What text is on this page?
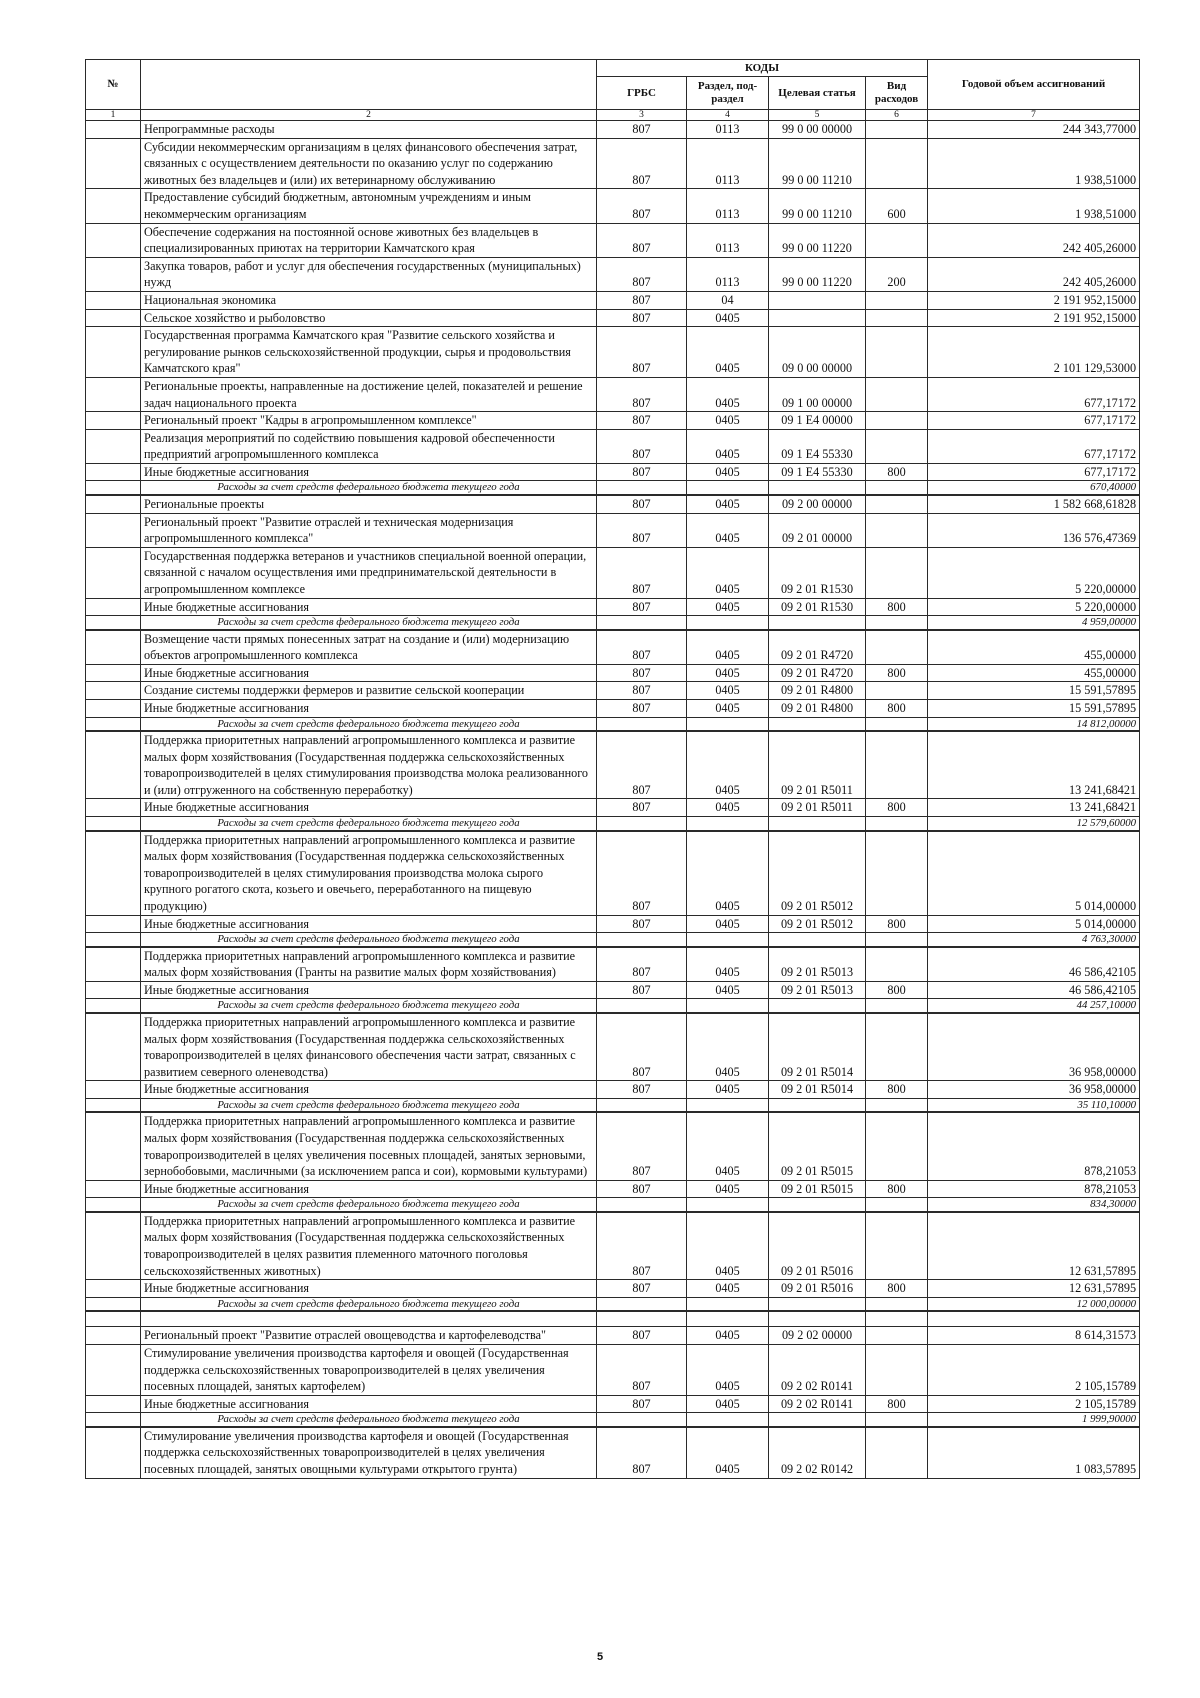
№		КОДЫ				Годовой объем ассигнований
		ГРБС	Раздел, под-раздел	Целевая статья	Вид расходов	
1	2	3	4	5	6	7
	Непрограммные расходы	807	0113	99 0 00 00000		244 343,77000
	Субсидии некоммерческим организациям в целях финансового обеспечения затрат, связанных с осуществлением деятельности по оказанию услуг по содержанию животных без владельцев и (или) их ветеринарному обслуживанию	807	0113	99 0 00 11210		1 938,51000
	Предоставление субсидий бюджетным, автономным учреждениям и иным некоммерческим организациям	807	0113	99 0 00 11210	600	1 938,51000
	Обеспечение содержания на постоянной основе животных без владельцев в специализированных приютах на территории Камчатского края	807	0113	99 0 00 11220		242 405,26000
	Закупка товаров, работ и услуг для обеспечения государственных (муниципальных) нужд	807	0113	99 0 00 11220	200	242 405,26000
	Национальная экономика	807	04			2 191 952,15000
	Сельское хозяйство и рыболовство	807	0405			2 191 952,15000
	Государственная программа Камчатского края "Развитие сельского хозяйства и регулирование рынков сельскохозяйственной продукции, сырья и продовольствия Камчатского края"	807	0405	09 0 00 00000		2 101 129,53000
	Региональные проекты, направленные на достижение целей, показателей и решение задач национального проекта	807	0405	09 1 00 00000		677,17172
	Региональный проект "Кадры в агропромышленном комплексе"	807	0405	09 1 Е4 00000		677,17172
	Реализация мероприятий по содействию повышения кадровой обеспеченности предприятий агропромышленного комплекса	807	0405	09 1 Е4 55330		677,17172
	Иные бюджетные ассигнования	807	0405	09 1 Е4 55330	800	677,17172
	Расходы за счет средств федерального бюджета текущего года					670,40000
	Региональные проекты	807	0405	09 2 00 00000		1 582 668,61828
	Региональный проект "Развитие отраслей и техническая модернизация агропромышленного комплекса"	807	0405	09 2 01 00000		136 576,47369
	Государственная поддержка ветеранов и участников специальной военной операции, связанной с началом осуществления ими предпринимательской деятельности в агропромышленном комплексе	807	0405	09 2 01 R1530		5 220,00000
	Иные бюджетные ассигнования	807	0405	09 2 01 R1530	800	5 220,00000
	Расходы за счет средств федерального бюджета текущего года					4 959,00000
	Возмещение части прямых понесенных затрат на создание и (или) модернизацию объектов агропромышленного комплекса	807	0405	09 2 01 R4720		455,00000
	Иные бюджетные ассигнования	807	0405	09 2 01 R4720	800	455,00000
	Создание системы поддержки фермеров и развитие сельской кооперации	807	0405	09 2 01 R4800		15 591,57895
	Иные бюджетные ассигнования	807	0405	09 2 01 R4800	800	15 591,57895
	Расходы за счет средств федерального бюджета текущего года					14 812,00000
	Поддержка приоритетных направлений агропромышленного комплекса и развитие малых форм хозяйствования (Государственная поддержка сельскохозяйственных товаропроизводителей в целях стимулирования производства молока реализованного и (или) отгруженного на собственную переработку)	807	0405	09 2 01 R5011		13 241,68421
	Иные бюджетные ассигнования	807	0405	09 2 01 R5011	800	13 241,68421
	Расходы за счет средств федерального бюджета текущего года					12 579,60000
	Поддержка приоритетных направлений агропромышленного комплекса и развитие малых форм хозяйствования (Государственная поддержка сельскохозяйственных товаропроизводителей в целях стимулирования производства молока сырого крупного рогатого скота, козьего и овечьего, переработанного на пищевую продукцию)	807	0405	09 2 01 R5012		5 014,00000
	Иные бюджетные ассигнования	807	0405	09 2 01 R5012	800	5 014,00000
	Расходы за счет средств федерального бюджета текущего года					4 763,30000
	Поддержка приоритетных направлений агропромышленного комплекса и развитие малых форм хозяйствования (Гранты на развитие малых форм хозяйствования)	807	0405	09 2 01 R5013		46 586,42105
	Иные бюджетные ассигнования	807	0405	09 2 01 R5013	800	46 586,42105
	Расходы за счет средств федерального бюджета текущего года					44 257,10000
	Поддержка приоритетных направлений агропромышленного комплекса и развитие малых форм хозяйствования (Государственная поддержка сельскохозяйственных товаропроизводителей в целях финансового обеспечения части затрат, связанных с развитием северного оленеводства)	807	0405	09 2 01 R5014		36 958,00000
	Иные бюджетные ассигнования	807	0405	09 2 01 R5014	800	36 958,00000
	Расходы за счет средств федерального бюджета текущего года					35 110,10000
	Поддержка приоритетных направлений агропромышленного комплекса и развитие малых форм хозяйствования (Государственная поддержка сельскохозяйственных товаропроизводителей в целях увеличения посевных площадей, занятых зерновыми, зернобобовыми, масличными (за исключением рапса и сои), кормовыми культурами)	807	0405	09 2 01 R5015		878,21053
	Иные бюджетные ассигнования	807	0405	09 2 01 R5015	800	878,21053
	Расходы за счет средств федерального бюджета текущего года					834,30000
	Поддержка приоритетных направлений агропромышленного комплекса и развитие малых форм хозяйствования (Государственная поддержка сельскохозяйственных товаропроизводителей в целях развития племенного маточного поголовья сельскохозяйственных животных)	807	0405	09 2 01 R5016		12 631,57895
	Иные бюджетные ассигнования	807	0405	09 2 01 R5016	800	12 631,57895
	Расходы за счет средств федерального бюджета текущего года					12 000,00000

	Региональный проект "Развитие отраслей овощеводства и картофелеводства"	807	0405	09 2 02 00000		8 614,31573
	Стимулирование увеличения производства картофеля и овощей (Государственная поддержка сельскохозяйственных товаропроизводителей в целях увеличения посевных площадей, занятых картофелем)	807	0405	09 2 02 R0141		2 105,15789
	Иные бюджетные ассигнования	807	0405	09 2 02 R0141	800	2 105,15789
	Расходы за счет средств федерального бюджета текущего года					1 999,90000
	Стимулирование увеличения производства картофеля и овощей (Государственная поддержка сельскохозяйственных товаропроизводителей в целях увеличения посевных площадей, занятых овощными культурами открытого грунта)	807	0405	09 2 02 R0142		1 083,57895
5
